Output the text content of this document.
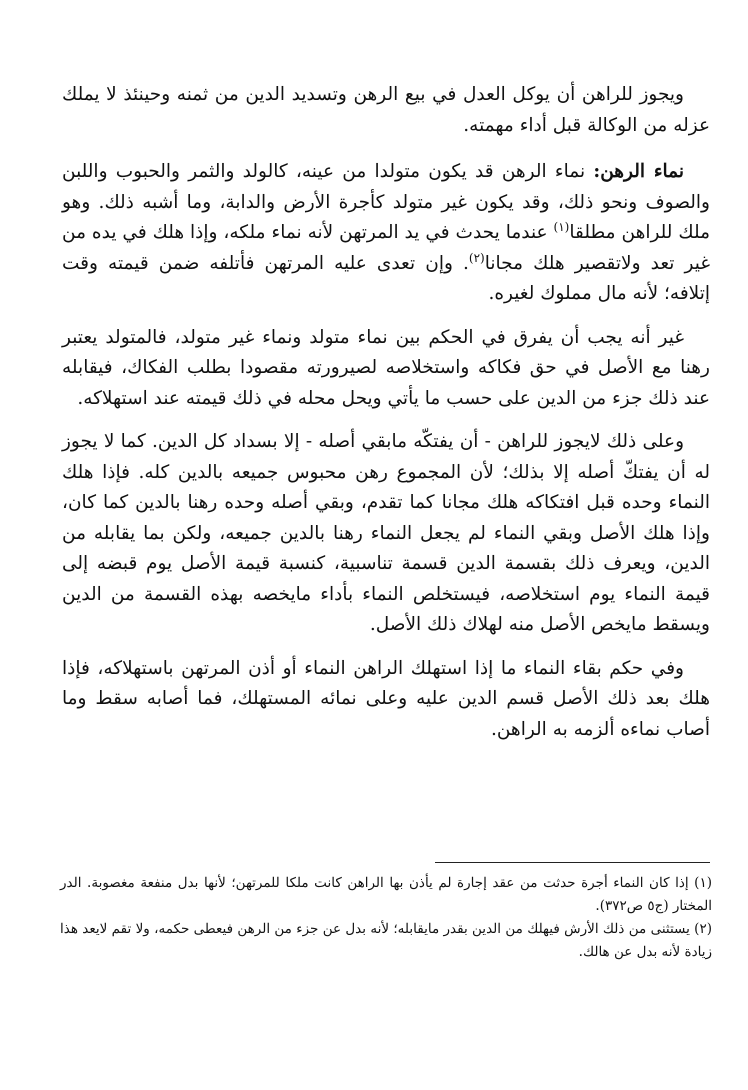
ويجوز للراهن أن يوكل العدل في بيع الرهن وتسديد الدين من ثمنه وحينئذ لا يملك عزله من الوكالة قبل أداء مهمته.

نماء الرهن: نماء الرهن قد يكون متولدا من عينه، كالولد والثمر والحبوب واللبن والصوف ونحو ذلك، وقد يكون غير متولد كأجرة الأرض والدابة، وما أشبه ذلك. وهو ملك للراهن مطلقا$^{(١)}$ عندما يحدث في يد المرتهن لأنه نماء ملكه، وإذا هلك في يده من غير تعد ولاتقصير هلك مجانا$^{(٢)}$. وإن تعدى عليه المرتهن فأتلفه ضمن قيمته وقت إتلافه؛ لأنه مال مملوك لغيره.

غير أنه يجب أن يفرق في الحكم بين نماء متولد ونماء غير متولد، فالمتولد يعتبر رهنا مع الأصل في حق فكاكه واستخلاصه لصيرورته مقصودا بطلب الفكاك، فيقابله عند ذلك جزء من الدين على حسب ما يأتي ويحل محله في ذلك قيمته عند استهلاكه.

وعلى ذلك لايجوز للراهن - أن يفتكّه مابقي أصله - إلا بسداد كل الدين. كما لا يجوز له أن يفتكّ أصله إلا بذلك؛ لأن المجموع رهن محبوس جميعه بالدين كله. فإذا هلك النماء وحده قبل افتكاكه هلك مجانا كما تقدم، وبقي أصله وحده رهنا بالدين كما كان، وإذا هلك الأصل وبقي النماء لم يجعل النماء رهنا بالدين جميعه، ولكن بما يقابله من الدين، ويعرف ذلك بقسمة الدين قسمة تناسبية، كنسبة قيمة الأصل يوم قبضه إلى قيمة النماء يوم استخلاصه، فيستخلص النماء بأداء مايخصه بهذه القسمة من الدين ويسقط مايخص الأصل منه لهلاك ذلك الأصل.

وفي حكم بقاء النماء ما إذا استهلك الراهن النماء أو أذن المرتهن باستهلاكه، فإذا هلك بعد ذلك الأصل قسم الدين عليه وعلى نمائه المستهلك، فما أصابه سقط وما أصاب نماءه ألزمه به الراهن.

(١) إذا كان النماء أجرة حدثت من عقد إجارة لم يأذن بها الراهن كانت ملكا للمرتهن؛ لأنها بدل منفعة مغصوبة. الدر المختار (ج٥ ص٣٧٢).

(٢) يستثنى من ذلك الأرش فيهلك من الدين بقدر مايقابله؛ لأنه بدل عن جزء من الرهن فيعطى حكمه، ولا تقم لايعد هذا زيادة لأنه بدل عن هالك.
